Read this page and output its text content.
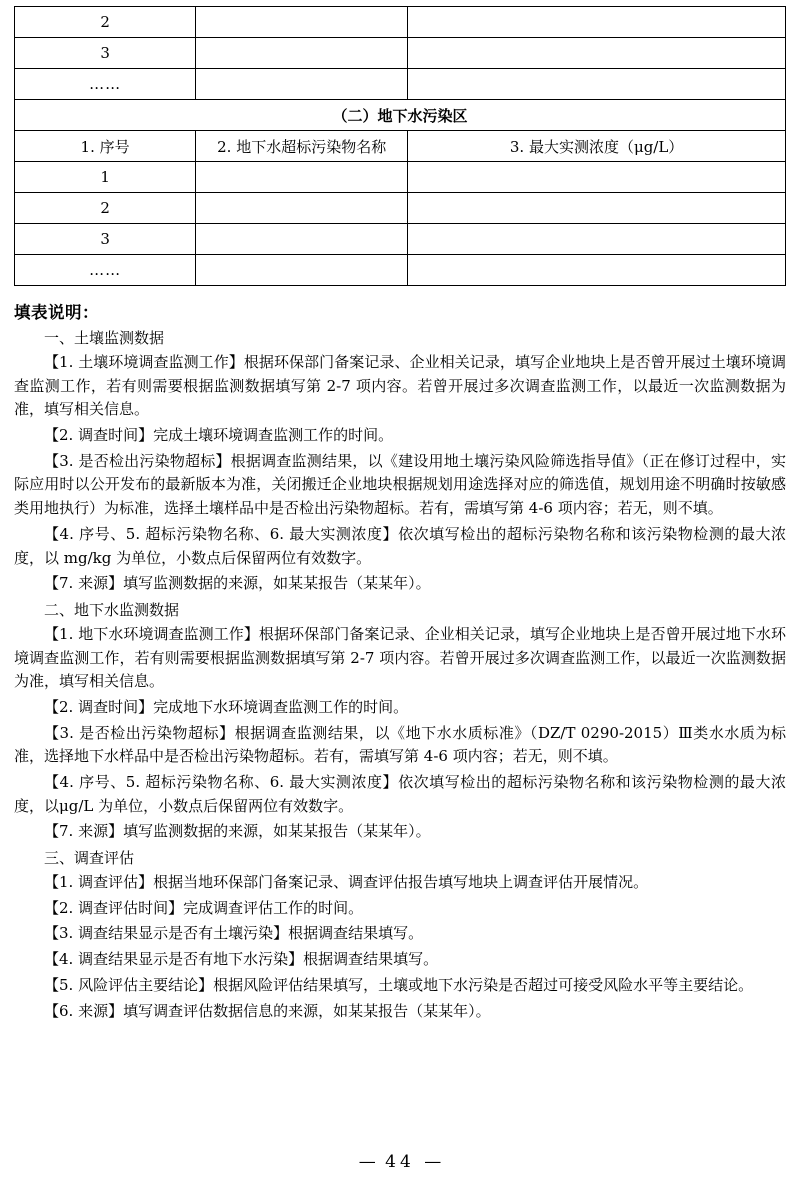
2		
3		
……		
（二）地下水污染区		
1. 序号	2. 地下水超标污染物名称	3. 最大实测浓度（μg/L）
1		
2		
3		
……		
填表说明：
一、土壤监测数据
【1. 土壤环境调查监测工作】根据环保部门备案记录、企业相关记录，填写企业地块上是否曾开展过土壤环境调查监测工作，若有则需要根据监测数据填写第 2-7 项内容。若曾开展过多次调查监测工作，以最近一次监测数据为准，填写相关信息。
【2. 调查时间】完成土壤环境调查监测工作的时间。
【3. 是否检出污染物超标】根据调查监测结果，以《建设用地土壤污染风险筛选指导值》（正在修订过程中，实际应用时以公开发布的最新版本为准，关闭搬迁企业地块根据规划用途选择对应的筛选值，规划用途不明确时按敏感类用地执行）为标准，选择土壤样品中是否检出污染物超标。若有，需填写第 4-6 项内容；若无，则不填。
【4. 序号、5. 超标污染物名称、6. 最大实测浓度】依次填写检出的超标污染物名称和该污染物检测的最大浓度，以 mg/kg 为单位，小数点后保留两位有效数字。
【7. 来源】填写监测数据的来源，如某某报告（某某年）。
二、地下水监测数据
【1. 地下水环境调查监测工作】根据环保部门备案记录、企业相关记录，填写企业地块上是否曾开展过地下水环境调查监测工作，若有则需要根据监测数据填写第 2-7 项内容。若曾开展过多次调查监测工作，以最近一次监测数据为准，填写相关信息。
【2. 调查时间】完成地下水环境调查监测工作的时间。
【3. 是否检出污染物超标】根据调查监测结果，以《地下水水质标准》（DZ/T 0290-2015）Ⅲ类水水质为标准，选择地下水样品中是否检出污染物超标。若有，需填写第 4-6 项内容；若无，则不填。
【4. 序号、5. 超标污染物名称、6. 最大实测浓度】依次填写检出的超标污染物名称和该污染物检测的最大浓度，以μg/L 为单位，小数点后保留两位有效数字。
【7. 来源】填写监测数据的来源，如某某报告（某某年）。
三、调查评估
【1. 调查评估】根据当地环保部门备案记录、调查评估报告填写地块上调查评估开展情况。
【2. 调查评估时间】完成调查评估工作的时间。
【3. 调查结果显示是否有土壤污染】根据调查结果填写。
【4. 调查结果显示是否有地下水污染】根据调查结果填写。
【5. 风险评估主要结论】根据风险评估结果填写，土壤或地下水污染是否超过可接受风险水平等主要结论。
【6. 来源】填写调查评估数据信息的来源，如某某报告（某某年）。
— 44 —
